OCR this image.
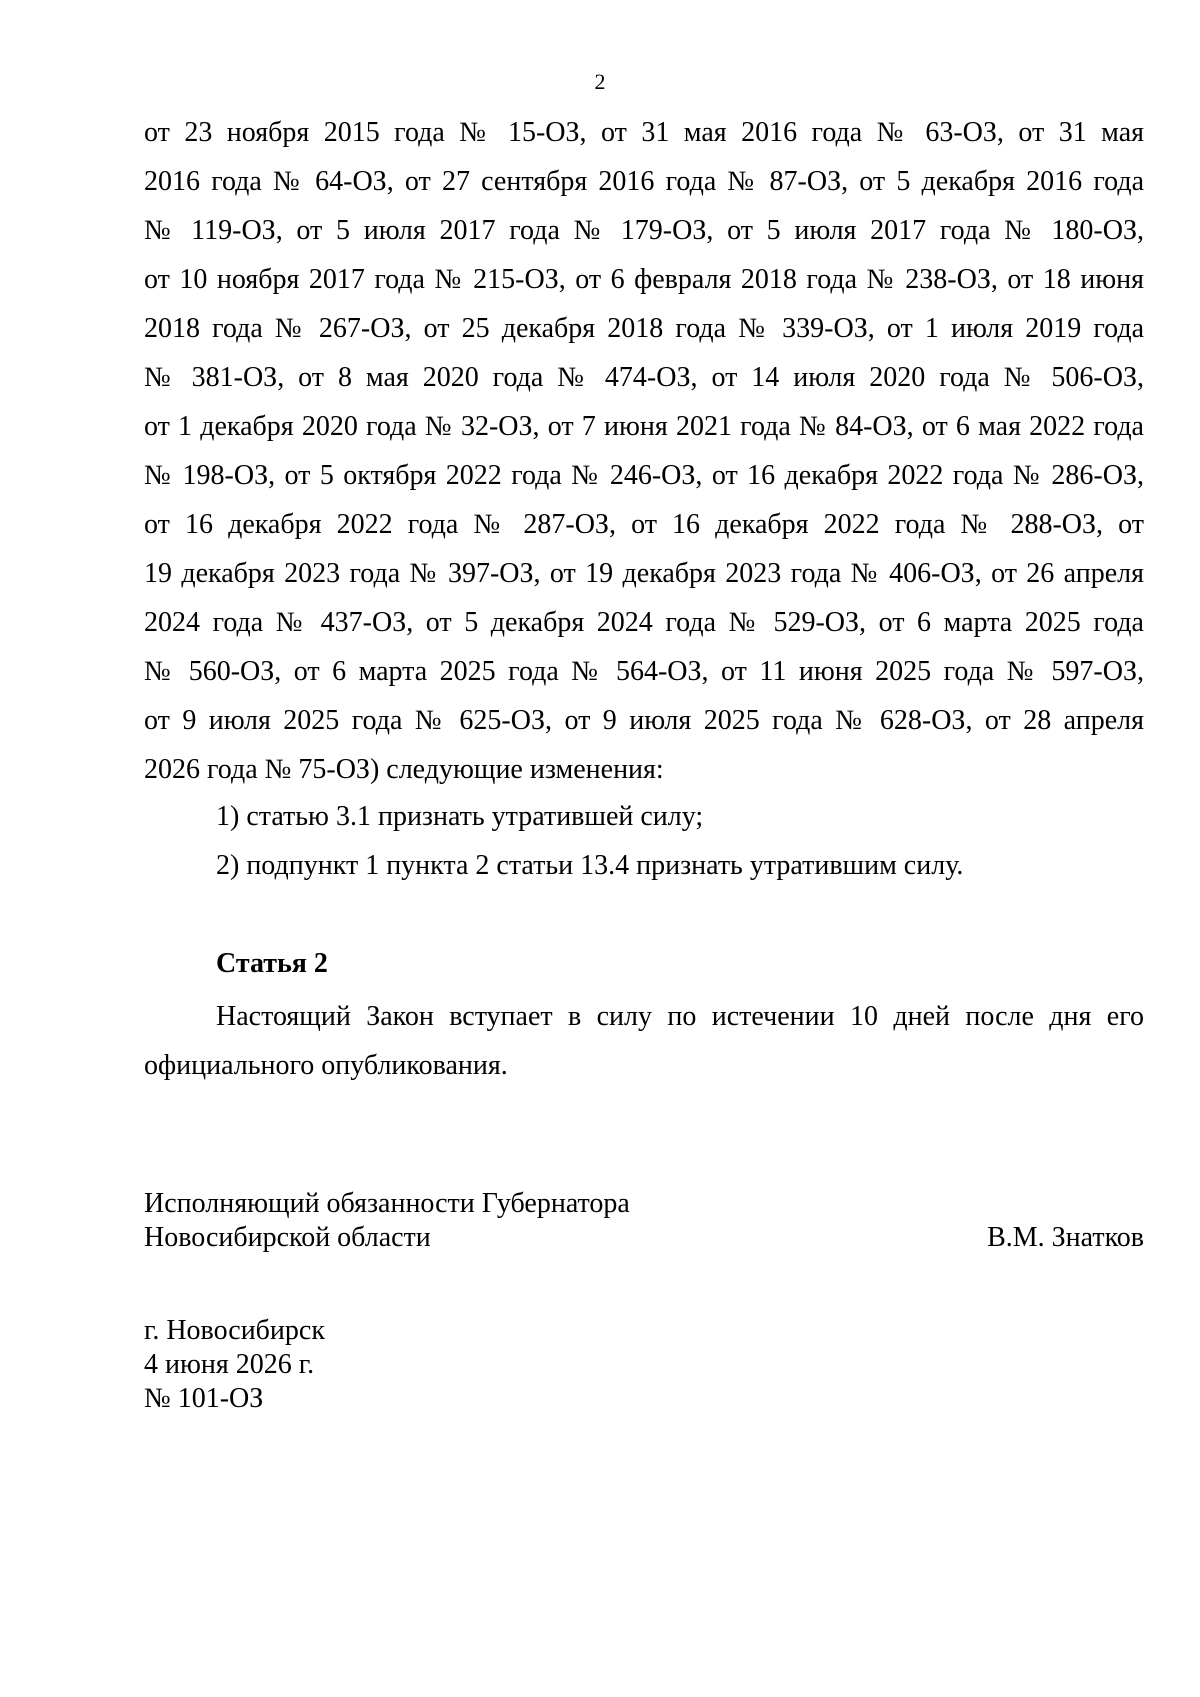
2
от 23 ноября 2015 года № 15-ОЗ, от 31 мая 2016 года № 63-ОЗ, от 31 мая
2016 года № 64-ОЗ, от 27 сентября 2016 года № 87-ОЗ, от 5 декабря 2016 года
№ 119-ОЗ, от 5 июля 2017 года № 179-ОЗ, от 5 июля 2017 года № 180-ОЗ,
от 10 ноября 2017 года № 215-ОЗ, от 6 февраля 2018 года № 238-ОЗ, от 18 июня
2018 года № 267-ОЗ, от 25 декабря 2018 года № 339-ОЗ, от 1 июля 2019 года
№ 381-ОЗ, от 8 мая 2020 года № 474-ОЗ, от 14 июля 2020 года № 506-ОЗ,
от 1 декабря 2020 года № 32-ОЗ, от 7 июня 2021 года № 84-ОЗ, от 6 мая 2022 года
№ 198-ОЗ, от 5 октября 2022 года № 246-ОЗ, от 16 декабря 2022 года № 286-ОЗ,
от 16 декабря 2022 года № 287-ОЗ, от 16 декабря 2022 года № 288-ОЗ, от
19 декабря 2023 года № 397-ОЗ, от 19 декабря 2023 года № 406-ОЗ, от 26 апреля
2024 года № 437-ОЗ, от 5 декабря 2024 года № 529-ОЗ, от 6 марта 2025 года
№ 560-ОЗ, от 6 марта 2025 года № 564-ОЗ, от 11 июня 2025 года № 597-ОЗ,
от 9 июля 2025 года № 625-ОЗ, от 9 июля 2025 года № 628-ОЗ, от 28 апреля
2026 года № 75-ОЗ) следующие изменения:
1) статью 3.1 признать утратившей силу;
2) подпункт 1 пункта 2 статьи 13.4 признать утратившим силу.
Статья 2
Настоящий Закон вступает в силу по истечении 10 дней после дня его
официального опубликования.
Исполняющий обязанности Губернатора
Новосибирской области	В.М. Знатков
г. Новосибирск
4 июня 2026 г.
№ 101-ОЗ
